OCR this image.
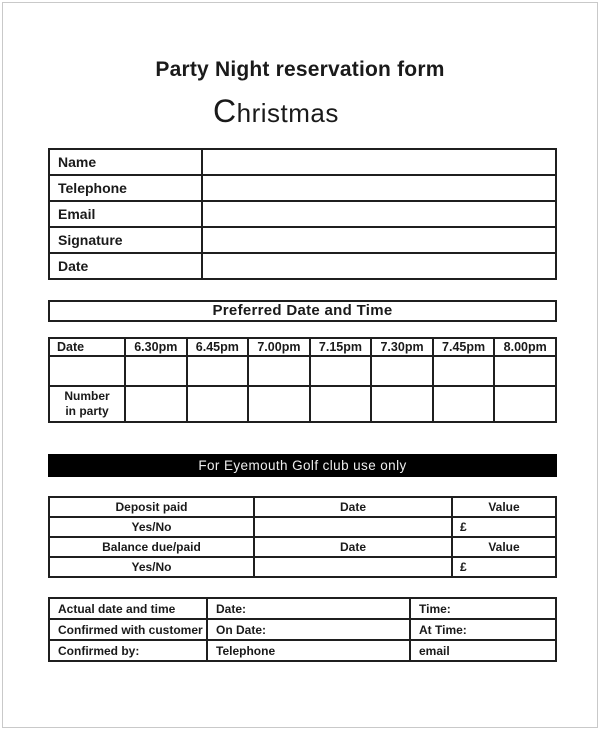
Party Night reservation form
Christmas
Name	
Telephone	
Email	
Signature	
Date	
Preferred Date and Time
Date	6.30pm	6.45pm	7.00pm	7.15pm	7.30pm	7.45pm	8.00pm

Number
in party							
For Eyemouth Golf club use only
Deposit paid	Date	Value
Yes/No		£
Balance due/paid	Date	Value
Yes/No		£
Actual date and time	Date:	Time:
Confirmed with customer	On Date:	At Time:
Confirmed by:	Telephone	email
